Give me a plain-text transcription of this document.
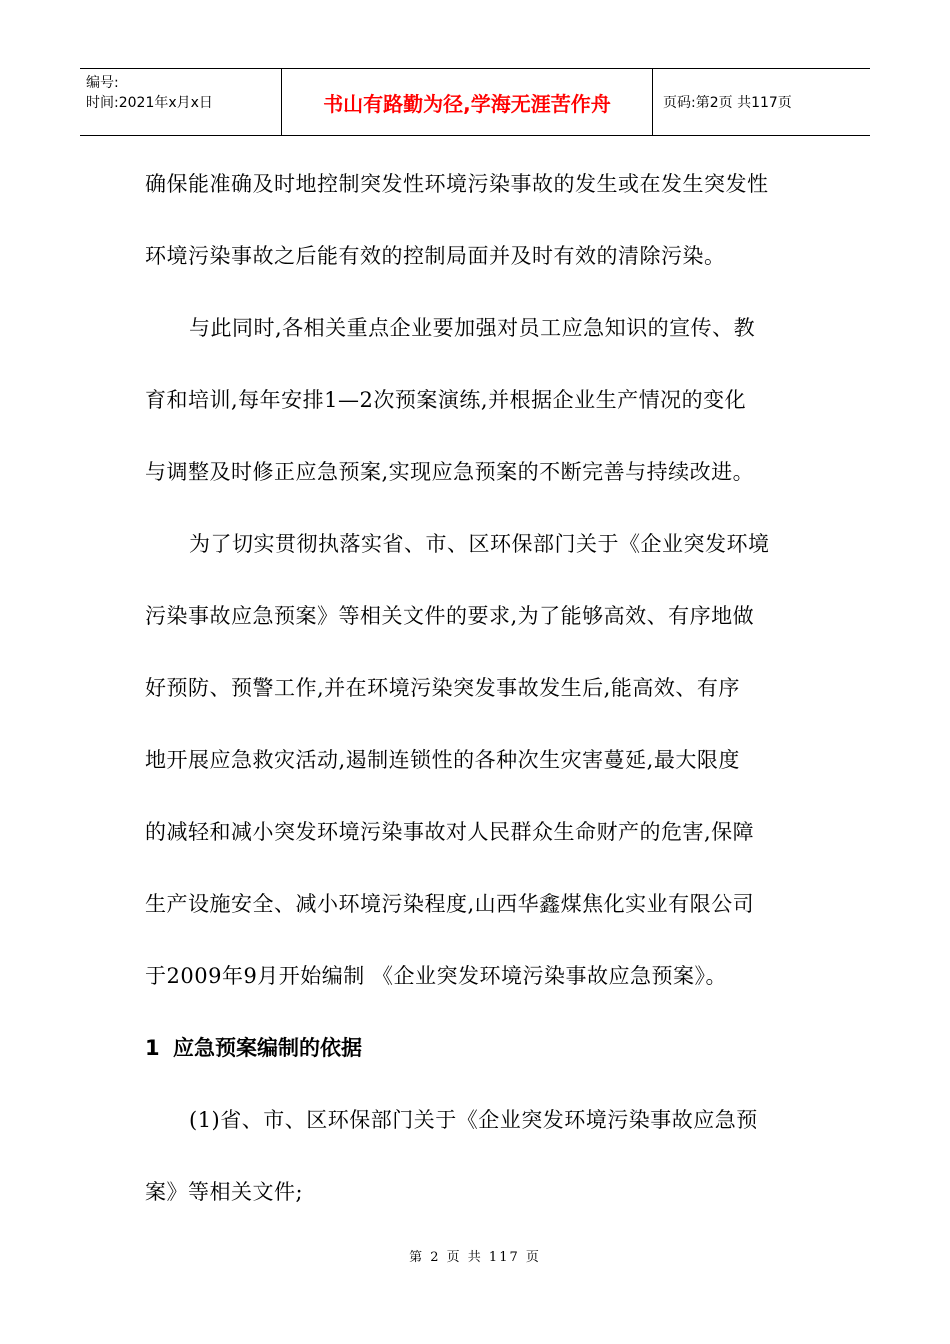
编号:
时间:2021年x月x日	书山有路勤为径,学海无涯苦作舟	页码:第2页 共117页
确保能准确及时地控制突发性环境污染事故的发生或在发生突发性
环境污染事故之后能有效的控制局面并及时有效的清除污染。
与此同时,各相关重点企业要加强对员工应急知识的宣传、教
育和培训,每年安排1—2次预案演练,并根据企业生产情况的变化
与调整及时修正应急预案,实现应急预案的不断完善与持续改进。
为了切实贯彻执落实省、市、区环保部门关于《企业突发环境
污染事故应急预案》等相关文件的要求,为了能够高效、有序地做
好预防、预警工作,并在环境污染突发事故发生后,能高效、有序
地开展应急救灾活动,遏制连锁性的各种次生灾害蔓延,最大限度
的减轻和减小突发环境污染事故对人民群众生命财产的危害,保障
生产设施安全、减小环境污染程度,山西华鑫煤焦化实业有限公司
于2009年9月开始编制 《企业突发环境污染事故应急预案》。
1 应急预案编制的依据
(1)省、市、区环保部门关于《企业突发环境污染事故应急预
案》等相关文件;
第 2 页 共 117 页
